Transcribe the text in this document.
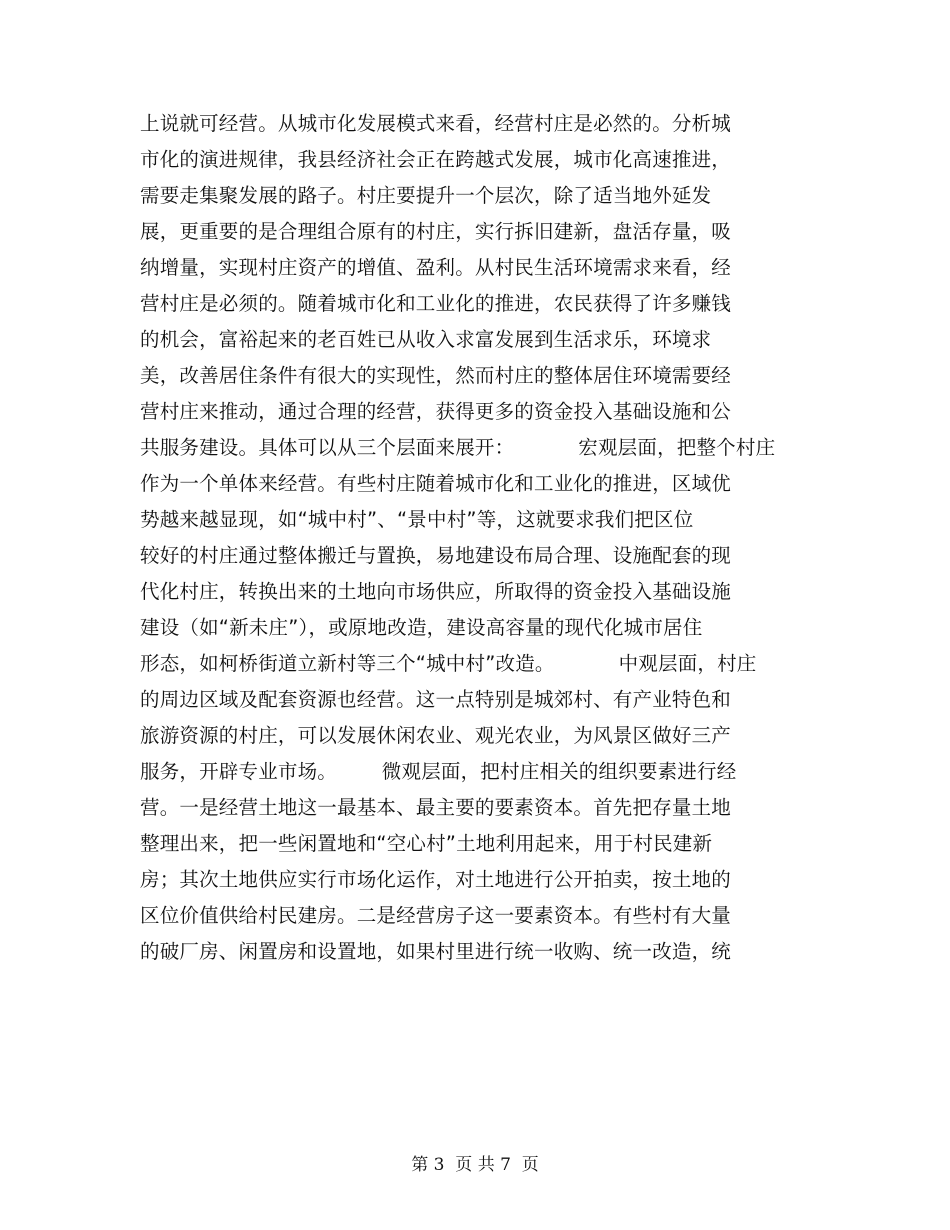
上说就可经营。从城市化发展模式来看，经营村庄是必然的。分析城
市化的演进规律，我县经济社会正在跨越式发展，城市化高速推进，
需要走集聚发展的路子。村庄要提升一个层次，除了适当地外延发
展，更重要的是合理组合原有的村庄，实行拆旧建新，盘活存量，吸
纳增量，实现村庄资产的增值、盈利。从村民生活环境需求来看，经
营村庄是必须的。随着城市化和工业化的推进，农民获得了许多赚钱
的机会，富裕起来的老百姓已从收入求富发展到生活求乐，环境求
美，改善居住条件有很大的实现性，然而村庄的整体居住环境需要经
营村庄来推动，通过合理的经营，获得更多的资金投入基础设施和公
共服务建设。具体可以从三个层面来展开：          宏观层面，把整个村庄
作为一个单体来经营。有些村庄随着城市化和工业化的推进，区域优
势越来越显现，如“城中村”、“景中村”等，这就要求我们把区位
较好的村庄通过整体搬迁与置换，易地建设布局合理、设施配套的现
代化村庄，转换出来的土地向市场供应，所取得的资金投入基础设施
建设（如“新未庄”），或原地改造，建设高容量的现代化城市居住
形态，如柯桥街道立新村等三个“城中村”改造。          中观层面，村庄
的周边区域及配套资源也经营。这一点特别是城郊村、有产业特色和
旅游资源的村庄，可以发展休闲农业、观光农业，为风景区做好三产
服务，开辟专业市场。       微观层面，把村庄相关的组织要素进行经
营。一是经营土地这一最基本、最主要的要素资本。首先把存量土地
整理出来，把一些闲置地和“空心村”土地利用起来，用于村民建新
房；其次土地供应实行市场化运作，对土地进行公开拍卖，按土地的
区位价值供给村民建房。二是经营房子这一要素资本。有些村有大量
的破厂房、闲置房和设置地，如果村里进行统一收购、统一改造，统
第 3  页 共 7  页
